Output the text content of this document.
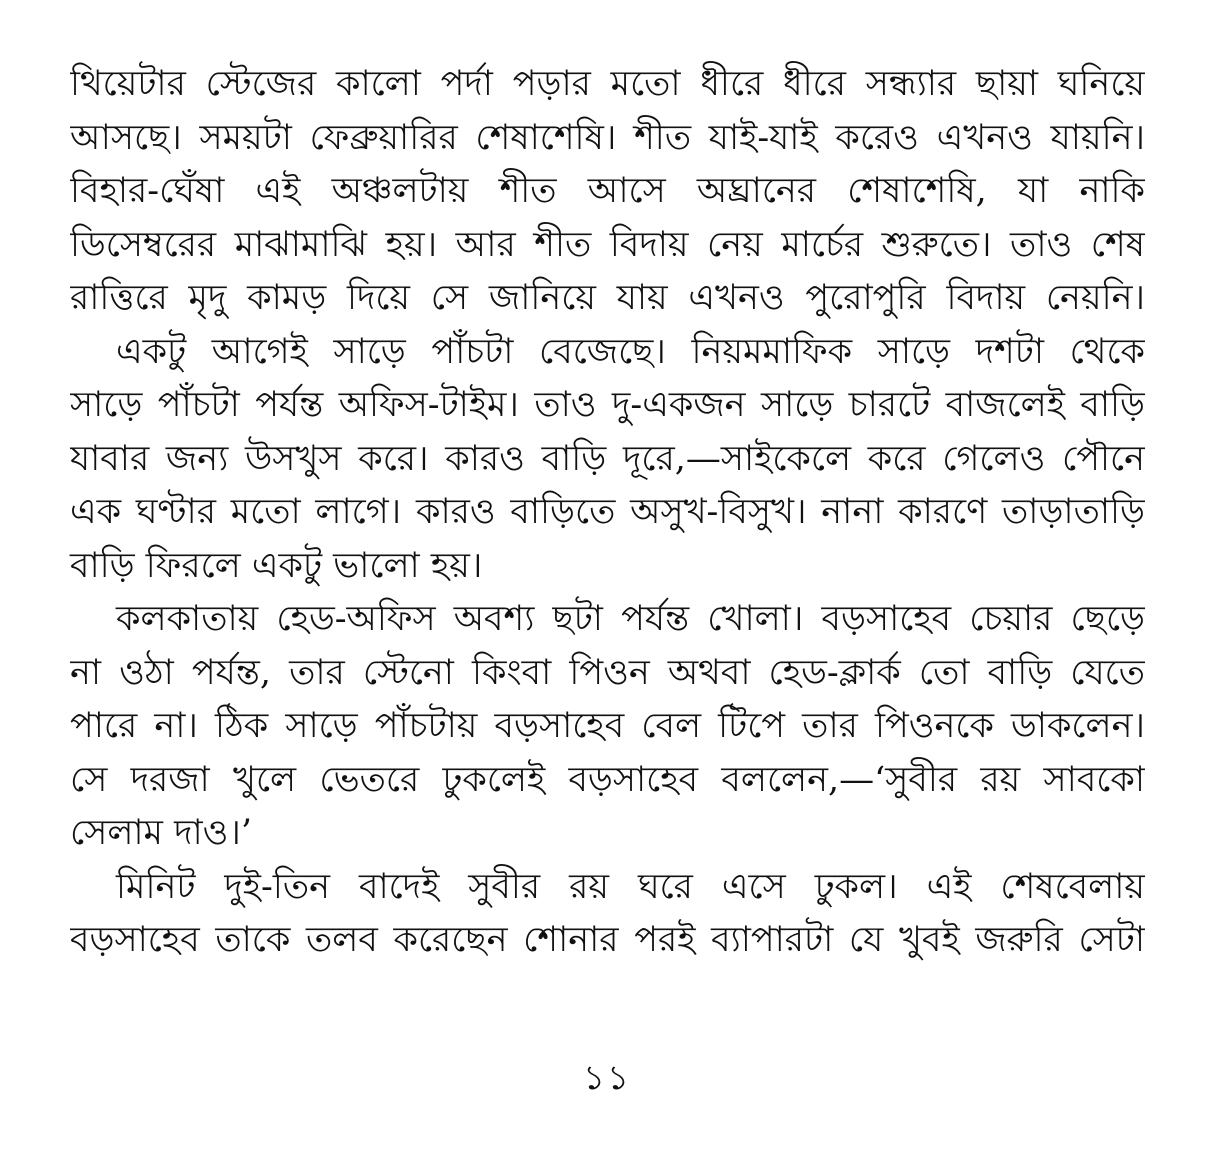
থিয়েটার স্টেজের কালো পর্দা পড়ার মতো ধীরে ধীরে সন্ধ্যার ছায়া ঘনিয়ে
আসছে। সময়টা ফেব্রুয়ারির শেষাশেষি। শীত যাই-যাই করেও এখনও যায়নি।
বিহার-ঘেঁষা এই অঞ্চলটায় শীত আসে অঘ্রানের শেষাশেষি, যা নাকি
ডিসেম্বরের মাঝামাঝি হয়। আর শীত বিদায় নেয় মার্চের শুরুতে। তাও শেষ
রাত্তিরে মৃদু কামড় দিয়ে সে জানিয়ে যায় এখনও পুরোপুরি বিদায় নেয়নি।
একটু আগেই সাড়ে পাঁচটা বেজেছে। নিয়মমাফিক সাড়ে দশটা থেকে
সাড়ে পাঁচটা পর্যন্ত অফিস-টাইম। তাও দু-একজন সাড়ে চারটে বাজলেই বাড়ি
যাবার জন্য উসখুস করে। কারও বাড়ি দূরে,—সাইকেলে করে গেলেও পৌনে
এক ঘণ্টার মতো লাগে। কারও বাড়িতে অসুখ-বিসুখ। নানা কারণে তাড়াতাড়ি
বাড়ি ফিরলে একটু ভালো হয়।
কলকাতায় হেড-অফিস অবশ্য ছটা পর্যন্ত খোলা। বড়সাহেব চেয়ার ছেড়ে
না ওঠা পর্যন্ত, তার স্টেনো কিংবা পিওন অথবা হেড-ক্লার্ক তো বাড়ি যেতে
পারে না। ঠিক সাড়ে পাঁচটায় বড়সাহেব বেল টিপে তার পিওনকে ডাকলেন।
সে দরজা খুলে ভেতরে ঢুকলেই বড়সাহেব বললেন,—‘সুবীর রয় সাবকো
সেলাম দাও।’
মিনিট দুই-তিন বাদেই সুবীর রয় ঘরে এসে ঢুকল। এই শেষবেলায়
বড়সাহেব তাকে তলব করেছেন শোনার পরই ব্যাপারটা যে খুবই জরুরি সেটা
১১
